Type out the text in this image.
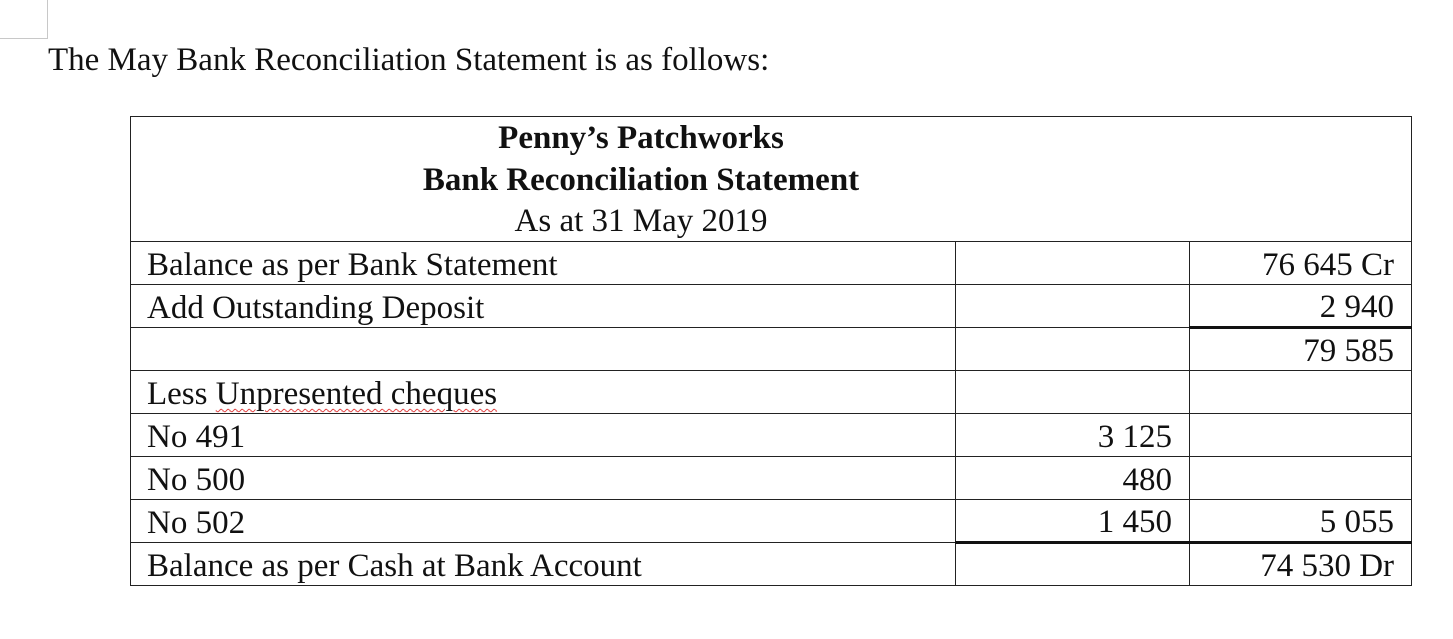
The May Bank Reconciliation Statement is as follows:
Penny’s Patchworks
Bank Reconciliation Statement
As at 31 May 2019		

Balance as per Bank Statement		76 645 Cr
Add Outstanding Deposit		2 940
		79 585
Less Unpresented cheques		
No 491	3 125	
No 500	480	
No 502	1 450	5 055
Balance as per Cash at Bank Account		74 530 Dr
